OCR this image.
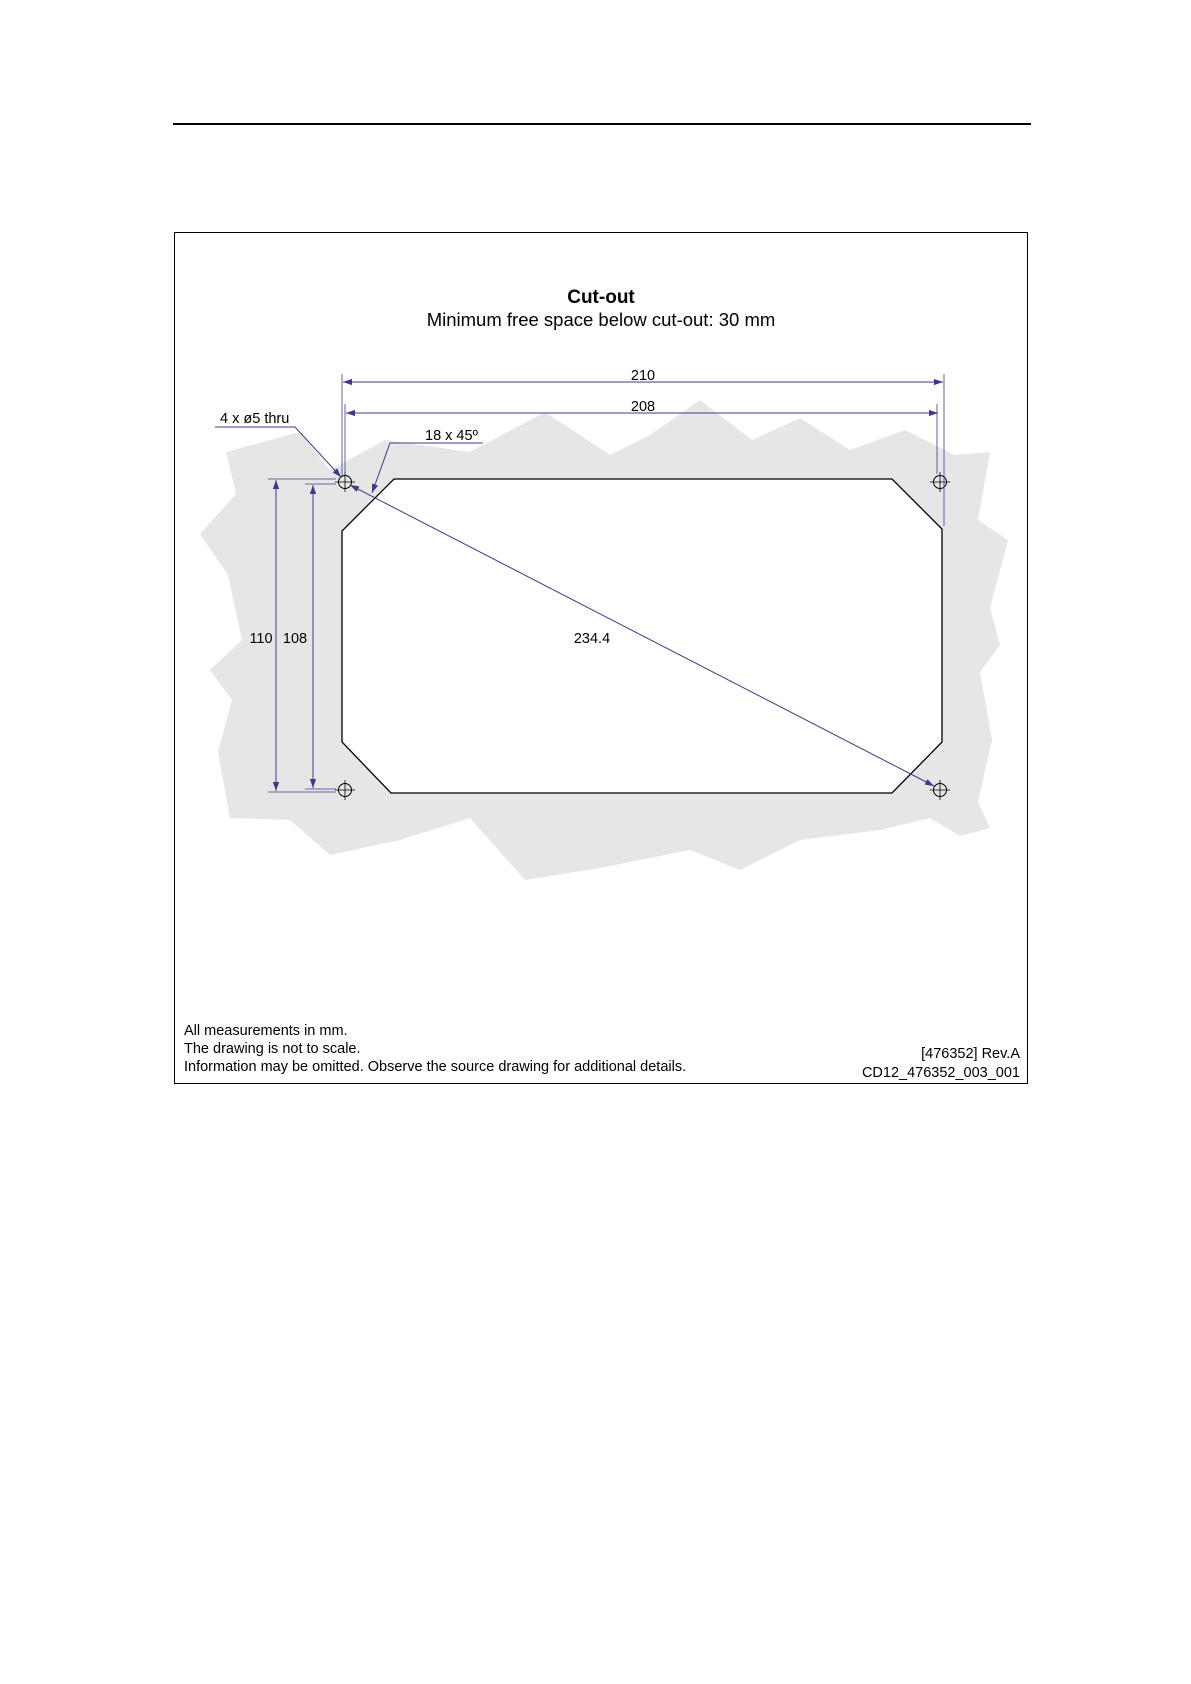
Cut-out
Minimum free space below cut-out: 30 mm
210
208
4 x ø5 thru
18 x 45º
110 108	234.4
All measurements in mm.
The drawing is not to scale.
Information may be omitted. Observe the source drawing for additional details.
[476352] Rev.A
CD12_476352_003_001
